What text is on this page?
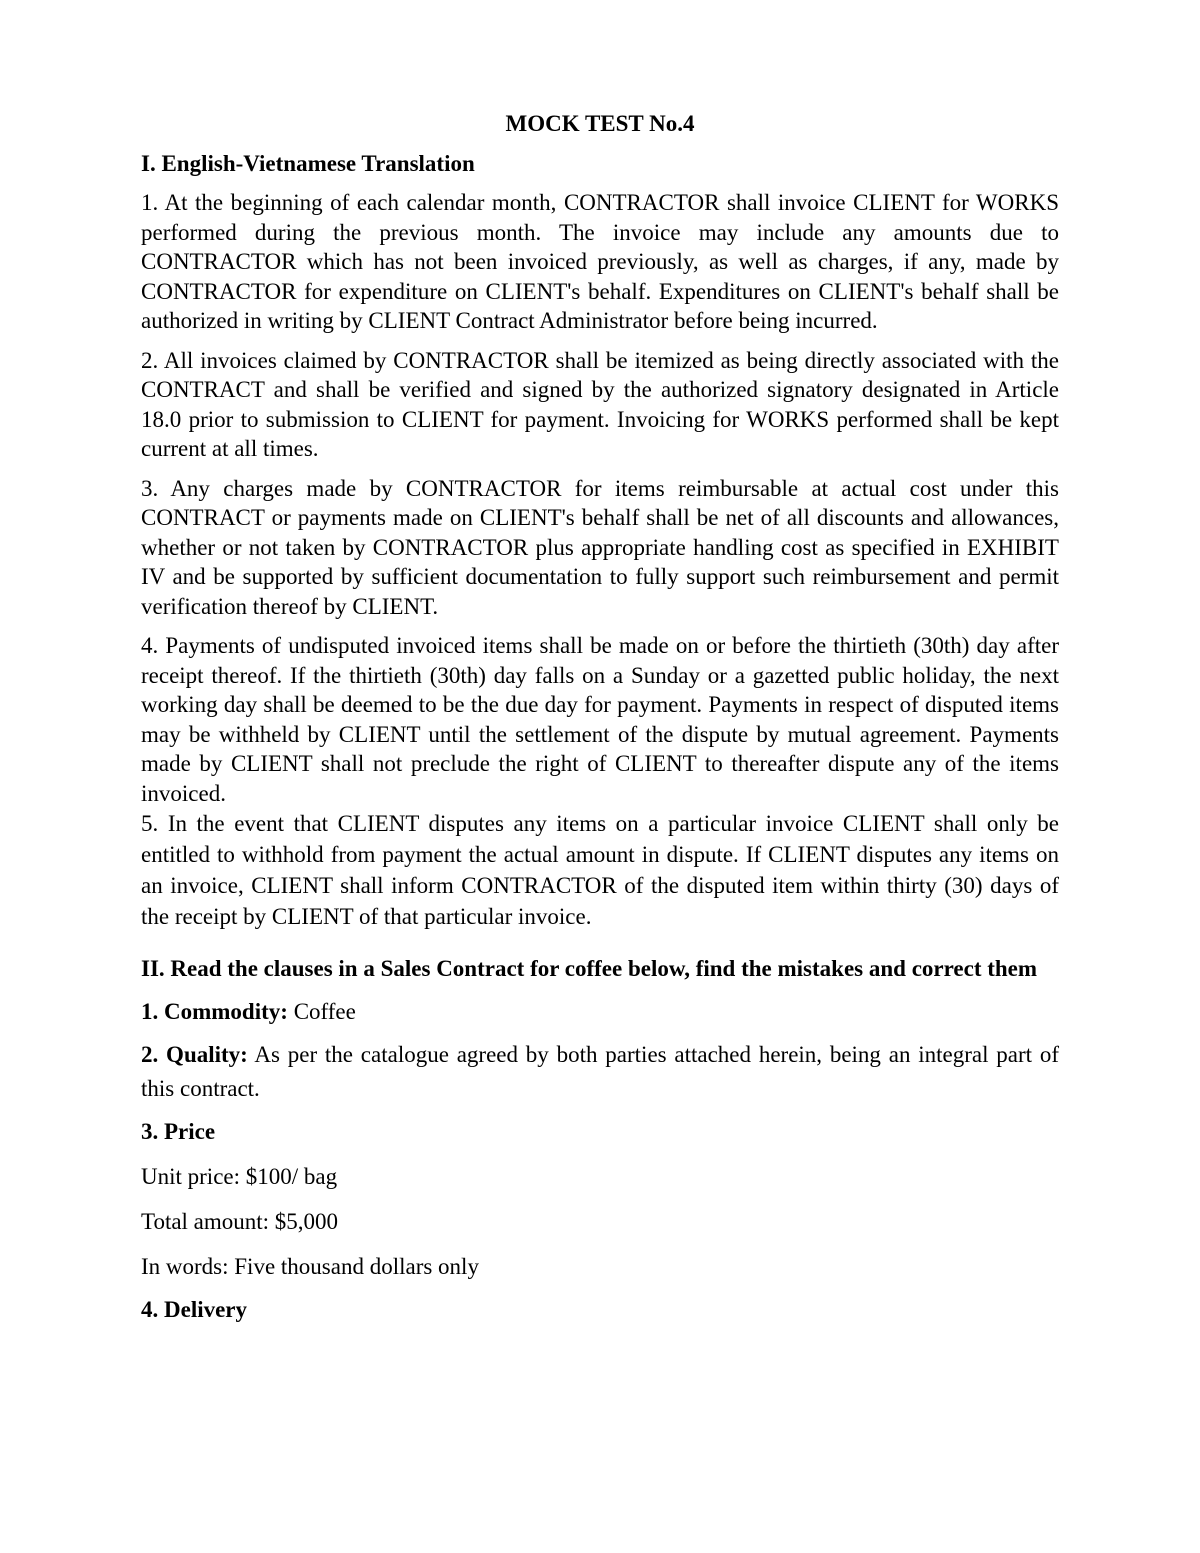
MOCK TEST No.4
I. English-Vietnamese Translation

1. At the beginning of each calendar month, CONTRACTOR shall invoice CLIENT for WORKS performed during the previous month. The invoice may include any amounts due to CONTRACTOR which has not been invoiced previously, as well as charges, if any, made by CONTRACTOR for expenditure on CLIENT's behalf. Expenditures on CLIENT's behalf shall be authorized in writing by CLIENT Contract Administrator before being incurred.

2. All invoices claimed by CONTRACTOR shall be itemized as being directly associated with the CONTRACT and shall be verified and signed by the authorized signatory designated in Article 18.0 prior to submission to CLIENT for payment. Invoicing for WORKS performed shall be kept current at all times.

3. Any charges made by CONTRACTOR for items reimbursable at actual cost under this CONTRACT or payments made on CLIENT's behalf shall be net of all discounts and allowances, whether or not taken by CONTRACTOR plus appropriate handling cost as specified in EXHIBIT IV and be supported by sufficient documentation to fully support such reimbursement and permit verification thereof by CLIENT.

4. Payments of undisputed invoiced items shall be made on or before the thirtieth (30th) day after receipt thereof. If the thirtieth (30th) day falls on a Sunday or a gazetted public holiday, the next working day shall be deemed to be the due day for payment. Payments in respect of disputed items may be withheld by CLIENT until the settlement of the dispute by mutual agreement. Payments made by CLIENT shall not preclude the right of CLIENT to thereafter dispute any of the items invoiced.

5. In the event that CLIENT disputes any items on a particular invoice CLIENT shall only be entitled to withhold from payment the actual amount in dispute. If CLIENT disputes any items on an invoice, CLIENT shall inform CONTRACTOR of the disputed item within thirty (30) days of the receipt by CLIENT of that particular invoice.

II. Read the clauses in a Sales Contract for coffee below, find the mistakes and correct them
1. Commodity: Coffee
2. Quality: As per the catalogue agreed by both parties attached herein, being an integral part of this contract.
3. Price
Unit price: $100/ bag
Total amount: $5,000
In words: Five thousand dollars only
4. Delivery
